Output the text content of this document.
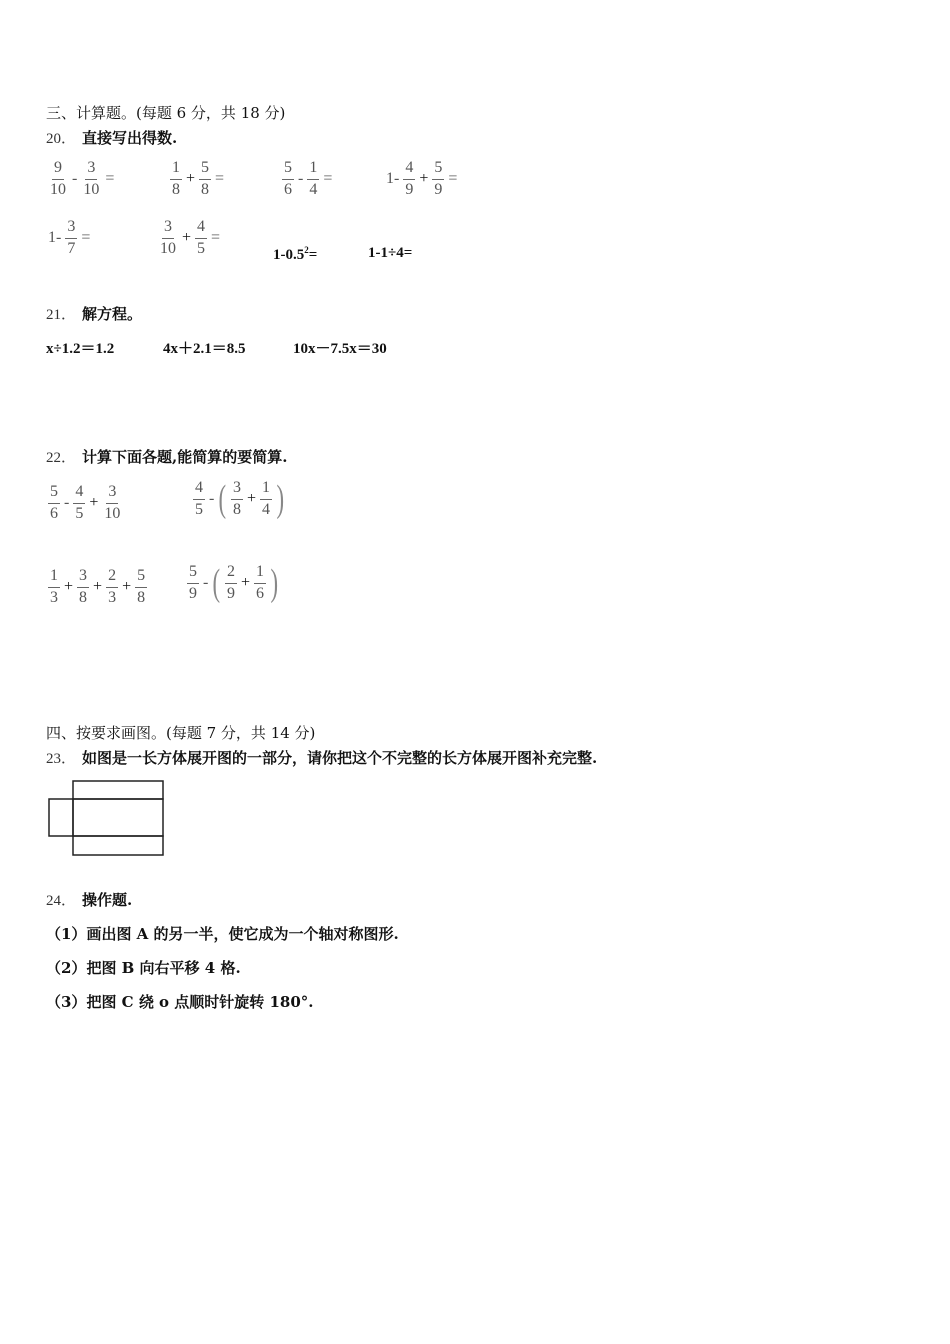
三、计算题。(每题 6 分，共 18 分)
20． 直接写出得数.
$\frac{9}{10} - \frac{3}{10}$ =	$\frac{1}{8} + \frac{5}{8}$ =	$\frac{5}{6} - \frac{1}{4}$ =	$1- \frac{4}{9} + \frac{5}{9}$ =
$1- \frac{3}{7}$ =	$\frac{3}{10} + \frac{4}{5}$ =
$1-0.5^2=$	1-1÷4=
21． 解方程。
x÷1.2＝1.2	4x＋2.1＝8.5	10x－7.5x＝30
22． 计算下面各题,能简算的要简算.
$\frac{5}{6} - \frac{4}{5} + \frac{3}{10}$	$\frac{4}{5}$ - ( $\frac{3}{8} + \frac{1}{4}$ )
$\frac{1}{3} + \frac{3}{8} + \frac{2}{3} + \frac{5}{8} \frac{5}{9}$ - ( $\frac{2}{9} + \frac{1}{6}$ )
四、按要求画图。(每题 7 分，共 14 分)
23． 如图是一长方体展开图的一部分，请你把这个不完整的长方体展开图补充完整.
24． 操作题.
（1）画出图 A 的另一半，使它成为一个轴对称图形.
（2）把图 B 向右平移 4 格.
（3）把图 C 绕 o 点顺时针旋转 180°.
